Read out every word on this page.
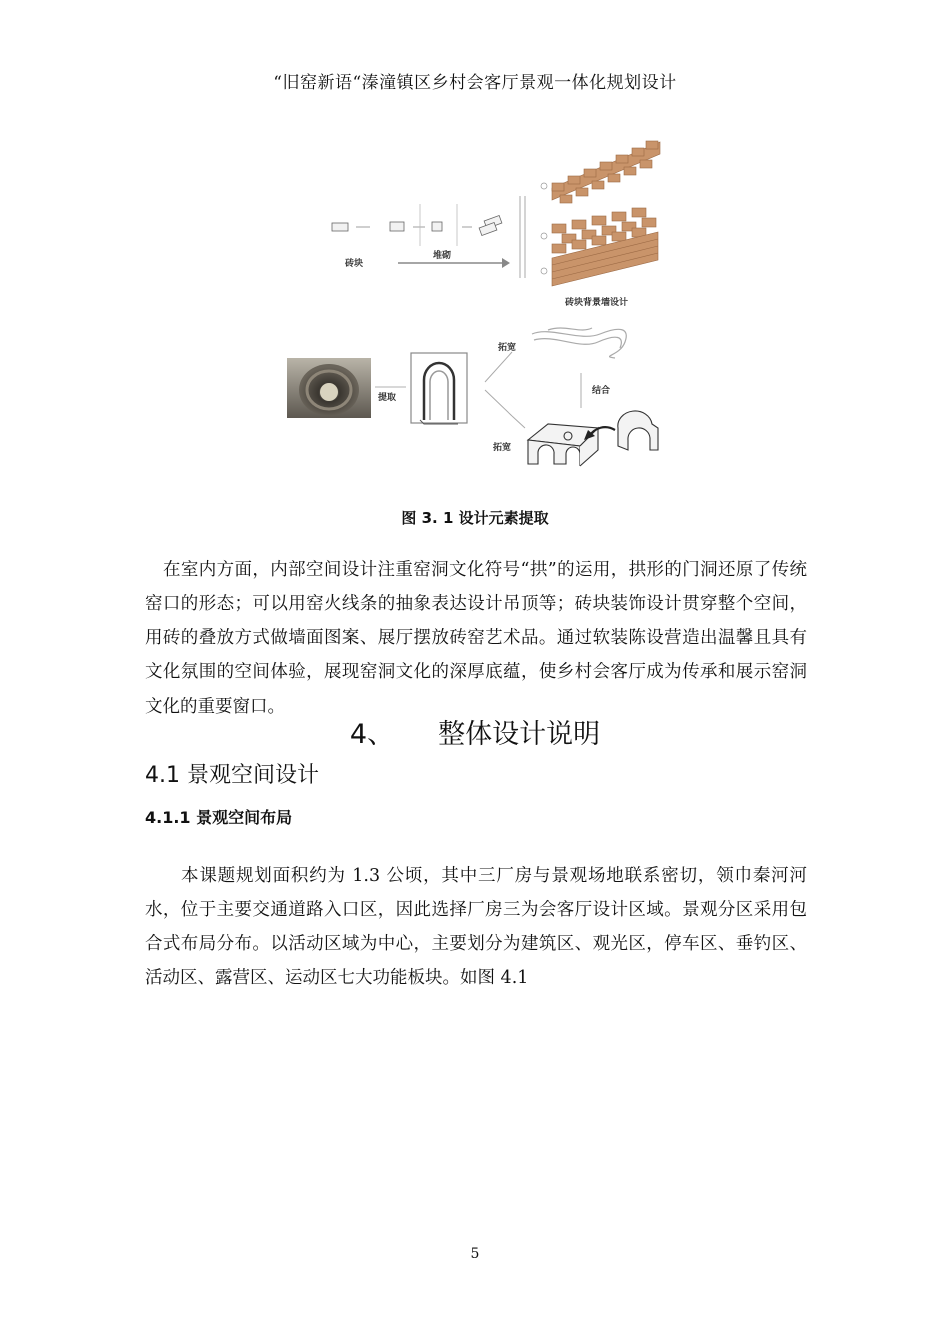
“旧窑新语“溱潼镇区乡村会客厅景观一体化规划设计
砖块
堆砌
砖块背景墙设计
提取
拓宽
结合
拓宽
图 3. 1 设计元素提取

在室内方面，内部空间设计注重窑洞文化符号“拱”的运用，拱形的门洞还原了传统窑口的形态；可以用窑火线条的抽象表达设计吊顶等；砖块装饰设计贯穿整个空间，用砖的叠放方式做墙面图案、展厅摆放砖窑艺术品。通过软装陈设营造出温馨且具有文化氛围的空间体验，展现窑洞文化的深厚底蕴，使乡村会客厅成为传承和展示窑洞文化的重要窗口。

4、 整体设计说明
4.1 景观空间设计
4.1.1 景观空间布局

本课题规划面积约为 1.3 公顷，其中三厂房与景观场地联系密切，领巾秦河河水，位于主要交通道路入口区，因此选择厂房三为会客厅设计区域。景观分区采用包合式布局分布。以活动区域为中心，主要划分为建筑区、观光区，停车区、垂钓区、活动区、露营区、运动区七大功能板块。如图 4.1

5
